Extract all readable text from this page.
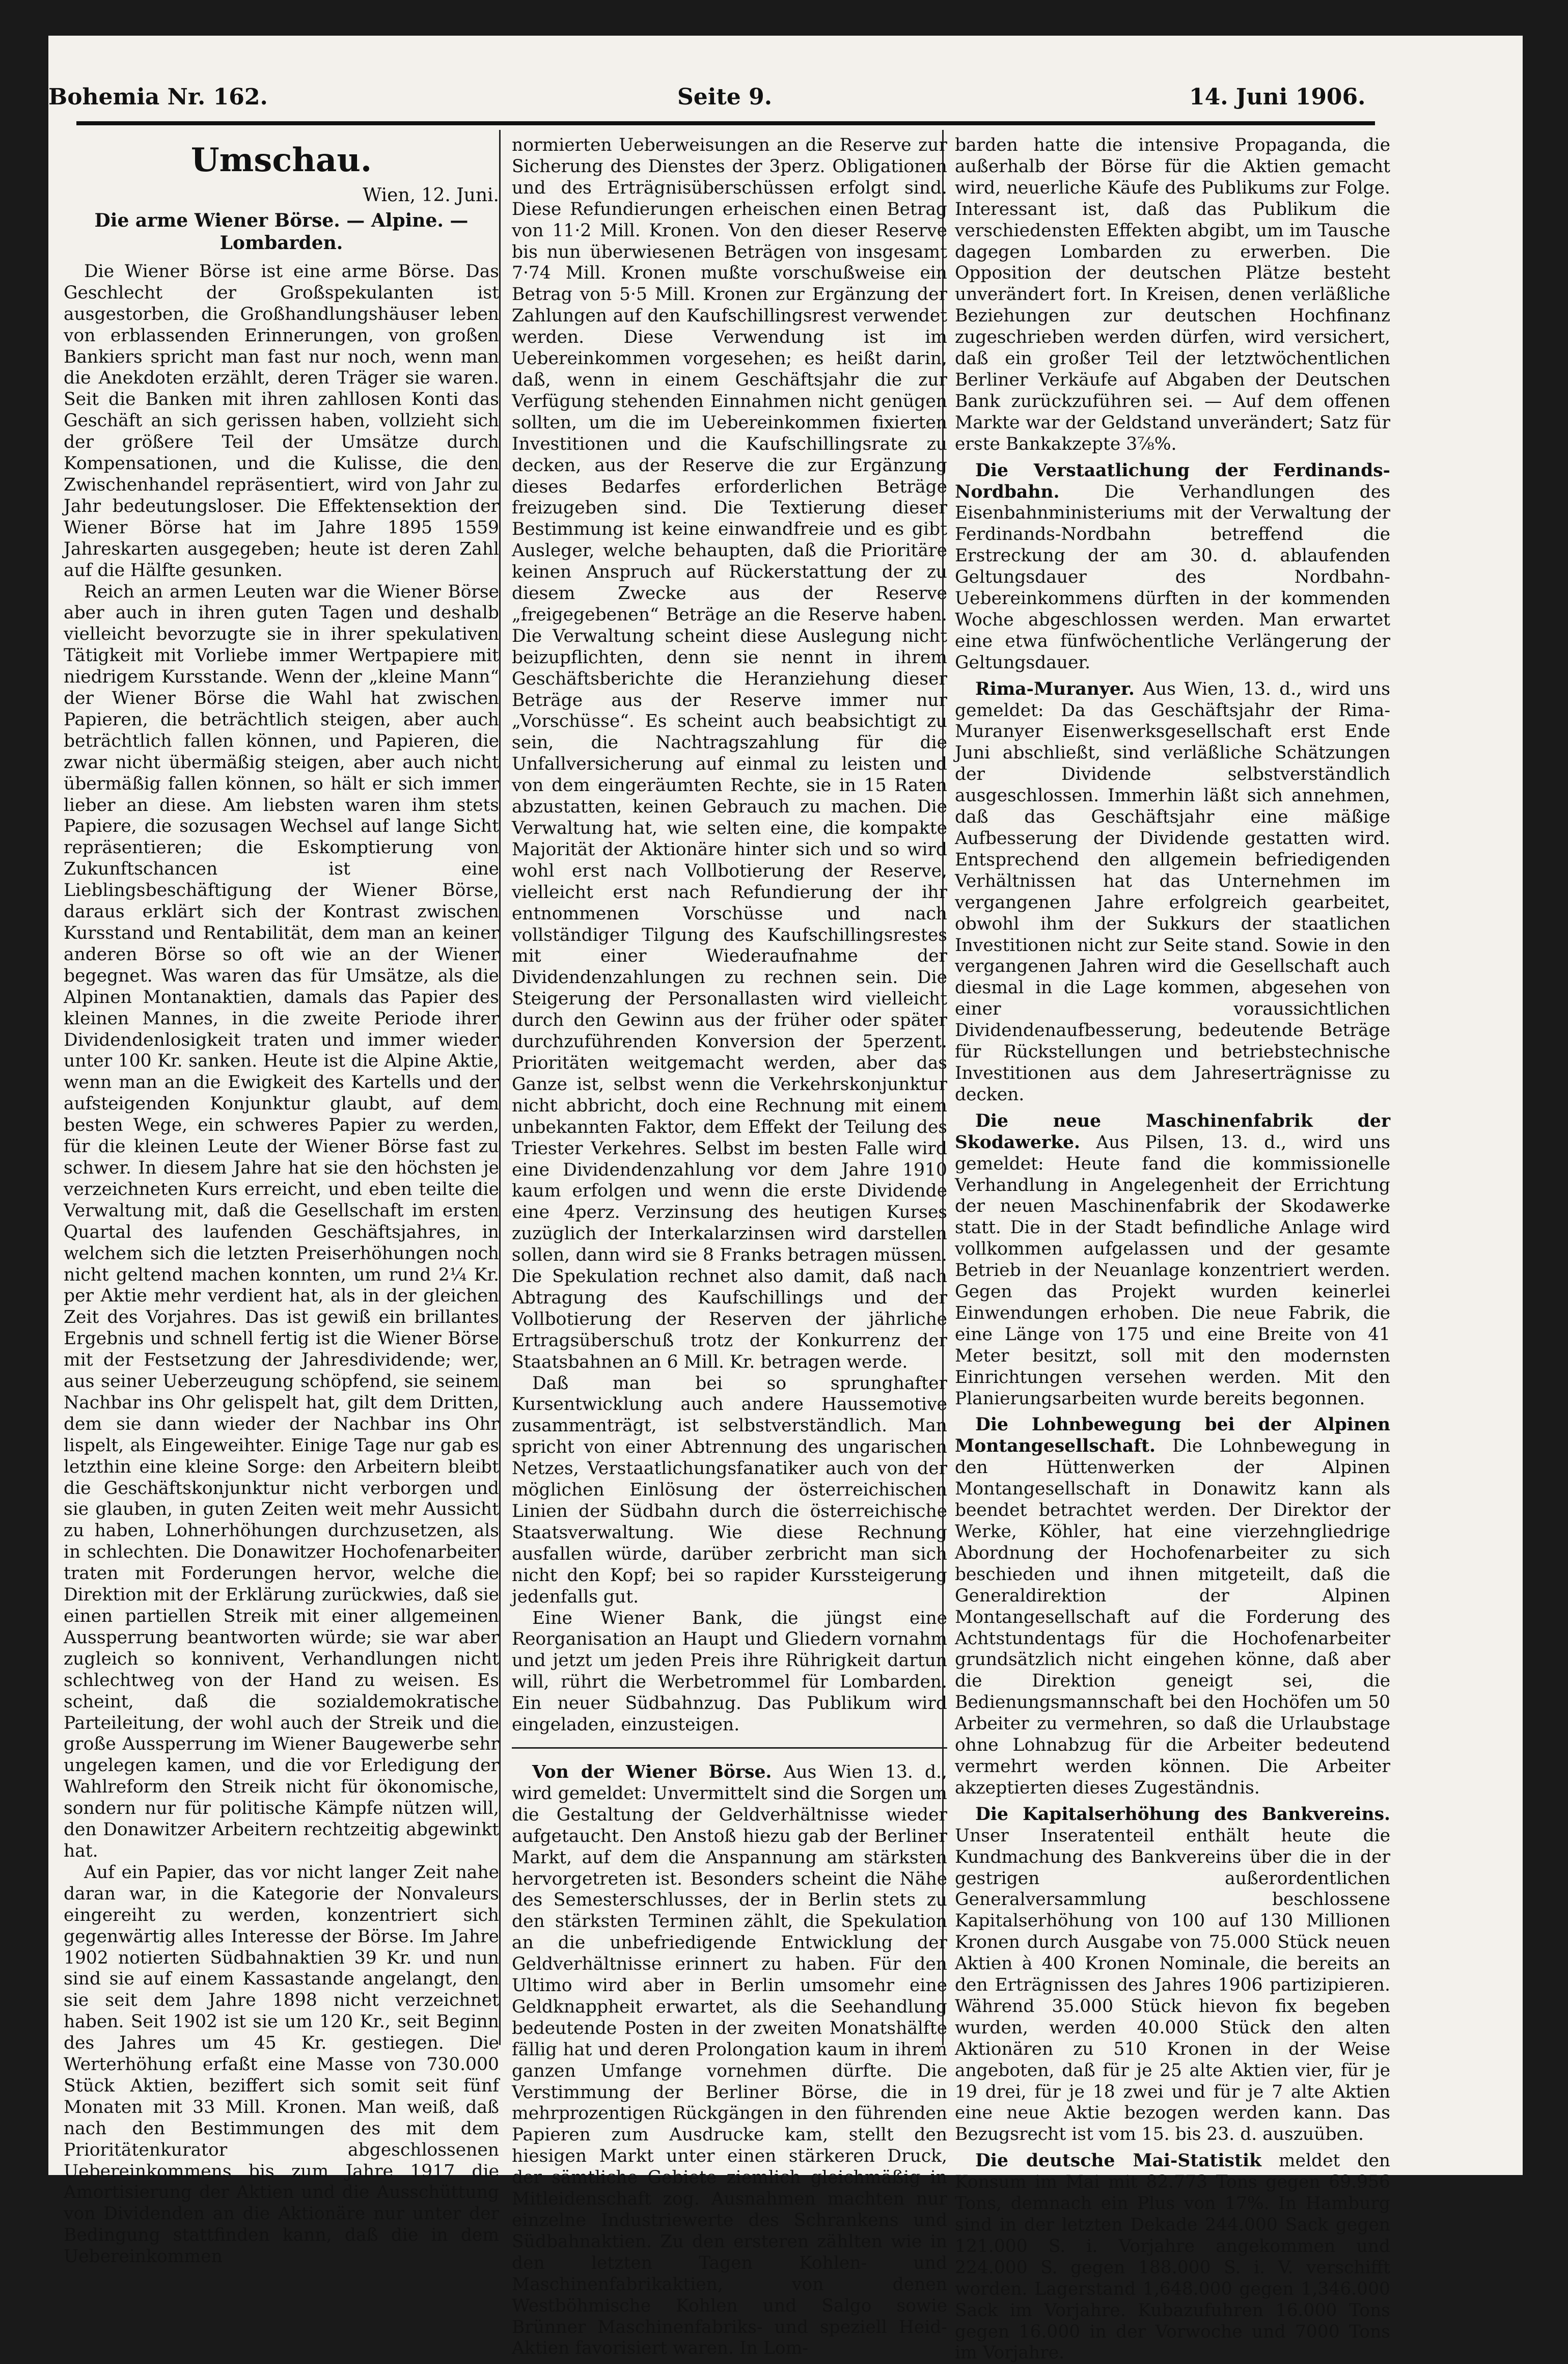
Bohemia Nr. 162.	Seite 9.	14. Juni 1906.
Umschau.
Wien, 12. Juni.
Die arme Wiener Börse. — Alpine. — Lombarden.

Die Wiener Börse ist eine arme Börse. Das Geschlecht der Großspekulanten ist ausgestorben, die Großhandlungshäuser leben von erblassenden Erinnerungen, von großen Bankiers spricht man fast nur noch, wenn man die Anekdoten erzählt, deren Träger sie waren. Seit die Banken mit ihren zahllosen Konti das Geschäft an sich gerissen haben, vollzieht sich der größere Teil der Umsätze durch Kompensationen, und die Kulisse, die den Zwischenhandel repräsentiert, wird von Jahr zu Jahr bedeutungsloser. Die Effektensektion der Wiener Börse hat im Jahre 1895 1559 Jahreskarten ausgegeben; heute ist deren Zahl auf die Hälfte gesunken.

Reich an armen Leuten war die Wiener Börse aber auch in ihren guten Tagen und deshalb vielleicht bevorzugte sie in ihrer spekulativen Tätigkeit mit Vorliebe immer Wertpapiere mit niedrigem Kursstande. Wenn der „kleine Mann“ der Wiener Börse die Wahl hat zwischen Papieren, die beträchtlich steigen, aber auch beträchtlich fallen können, und Papieren, die zwar nicht übermäßig steigen, aber auch nicht übermäßig fallen können, so hält er sich immer lieber an diese. Am liebsten waren ihm stets Papiere, die sozusagen Wechsel auf lange Sicht repräsentieren; die Eskomptierung von Zukunftschancen ist eine Lieblingsbeschäftigung der Wiener Börse, daraus erklärt sich der Kontrast zwischen Kursstand und Rentabilität, dem man an keiner anderen Börse so oft wie an der Wiener begegnet. Was waren das für Umsätze, als die Alpinen Montanaktien, damals das Papier des kleinen Mannes, in die zweite Periode ihrer Dividendenlosigkeit traten und immer wieder unter 100 Kr. sanken. Heute ist die Alpine Aktie, wenn man an die Ewigkeit des Kartells und der aufsteigenden Konjunktur glaubt, auf dem besten Wege, ein schweres Papier zu werden, für die kleinen Leute der Wiener Börse fast zu schwer. In diesem Jahre hat sie den höchsten je verzeichneten Kurs erreicht, und eben teilte die Verwaltung mit, daß die Gesellschaft im ersten Quartal des laufenden Geschäftsjahres, in welchem sich die letzten Preiserhöhungen noch nicht geltend machen konnten, um rund 2¼ Kr. per Aktie mehr verdient hat, als in der gleichen Zeit des Vorjahres. Das ist gewiß ein brillantes Ergebnis und schnell fertig ist die Wiener Börse mit der Festsetzung der Jahresdividende; wer, aus seiner Ueberzeugung schöpfend, sie seinem Nachbar ins Ohr gelispelt hat, gilt dem Dritten, dem sie dann wieder der Nachbar ins Ohr lispelt, als Eingeweihter. Einige Tage nur gab es letzthin eine kleine Sorge: den Arbeitern bleibt die Geschäftskonjunktur nicht verborgen und sie glauben, in guten Zeiten weit mehr Aussicht zu haben, Lohnerhöhungen durchzusetzen, als in schlechten. Die Donawitzer Hochofenarbeiter traten mit Forderungen hervor, welche die Direktion mit der Erklärung zurückwies, daß sie einen partiellen Streik mit einer allgemeinen Aussperrung beantworten würde; sie war aber zugleich so konnivent, Verhandlungen nicht schlechtweg von der Hand zu weisen. Es scheint, daß die sozialdemokratische Parteileitung, der wohl auch der Streik und die große Aussperrung im Wiener Baugewerbe sehr ungelegen kamen, und die vor Erledigung der Wahlreform den Streik nicht für ökonomische, sondern nur für politische Kämpfe nützen will, den Donawitzer Arbeitern rechtzeitig abgewinkt hat.

Auf ein Papier, das vor nicht langer Zeit nahe daran war, in die Kategorie der Nonvaleurs eingereiht zu werden, konzentriert sich gegenwärtig alles Interesse der Börse. Im Jahre 1902 notierten Südbahnaktien 39 Kr. und nun sind sie auf einem Kassastande angelangt, den sie seit dem Jahre 1898 nicht verzeichnet haben. Seit 1902 ist sie um 120 Kr., seit Beginn des Jahres um 45 Kr. gestiegen. Die Werterhöhung erfaßt eine Masse von 730.000 Stück Aktien, beziffert sich somit seit fünf Monaten mit 33 Mill. Kronen. Man weiß, daß nach den Bestimmungen des mit dem Prioritätenkurator abgeschlossenen Uebereinkommens bis zum Jahre 1917 die Amortisierung der Aktien und die Ausschüttung von Dividenden an die Aktionäre nur unter der Bedingung stattfinden kann, daß die in dem Uebereinkommen

normierten Ueberweisungen an die Reserve zur Sicherung des Dienstes der 3perz. Obligationen und des Erträgnisüberschüssen erfolgt sind. Diese Refundierungen erheischen einen Betrag von 11·2 Mill. Kronen. Von den dieser Reserve bis nun überwiesenen Beträgen von insgesamt 7·74 Mill. Kronen mußte vorschußweise ein Betrag von 5·5 Mill. Kronen zur Ergänzung der Zahlungen auf den Kaufschillingsrest verwendet werden. Diese Verwendung ist im Uebereinkommen vorgesehen; es heißt darin, daß, wenn in einem Geschäftsjahr die zur Verfügung stehenden Einnahmen nicht genügen sollten, um die im Uebereinkommen fixierten Investitionen und die Kaufschillingsrate zu decken, aus der Reserve die zur Ergänzung dieses Bedarfes erforderlichen Beträge freizugeben sind. Die Textierung dieser Bestimmung ist keine einwandfreie und es gibt Ausleger, welche behaupten, daß die Prioritäre keinen Anspruch auf Rückerstattung der zu diesem Zwecke aus der Reserve „freigegebenen“ Beträge an die Reserve haben. Die Verwaltung scheint diese Auslegung nicht beizupflichten, denn sie nennt in ihrem Geschäftsberichte die Heranziehung dieser Beträge aus der Reserve immer nur „Vorschüsse“. Es scheint auch beabsichtigt zu sein, die Nachtragszahlung für die Unfallversicherung auf einmal zu leisten und von dem eingeräumten Rechte, sie in 15 Raten abzustatten, keinen Gebrauch zu machen. Die Verwaltung hat, wie selten eine, die kompakte Majorität der Aktionäre hinter sich und so wird wohl erst nach Vollbotierung der Reserve, vielleicht erst nach Refundierung der ihr entnommenen Vorschüsse und nach vollständiger Tilgung des Kaufschillingsrestes mit einer Wiederaufnahme der Dividendenzahlungen zu rechnen sein. Die Steigerung der Personallasten wird vielleicht durch den Gewinn aus der früher oder später durchzuführenden Konversion der 5perzent. Prioritäten weitgemacht werden, aber das Ganze ist, selbst wenn die Verkehrskonjunktur nicht abbricht, doch eine Rechnung mit einem unbekannten Faktor, dem Effekt der Teilung des Triester Verkehres. Selbst im besten Falle wird eine Dividendenzahlung vor dem Jahre 1910 kaum erfolgen und wenn die erste Dividende eine 4perz. Verzinsung des heutigen Kurses zuzüglich der Interkalarzinsen wird darstellen sollen, dann wird sie 8 Franks betragen müssen. Die Spekulation rechnet also damit, daß nach Abtragung des Kaufschillings und der Vollbotierung der Reserven der jährliche Ertragsüberschuß trotz der Konkurrenz der Staatsbahnen an 6 Mill. Kr. betragen werde.

Daß man bei so sprunghafter Kursentwicklung auch andere Haussemotive zusammenträgt, ist selbstverständlich. Man spricht von einer Abtrennung des ungarischen Netzes, Verstaatlichungsfanatiker auch von der möglichen Einlösung der österreichischen Linien der Südbahn durch die österreichische Staatsverwaltung. Wie diese Rechnung ausfallen würde, darüber zerbricht man sich nicht den Kopf; bei so rapider Kurssteigerung jedenfalls gut.

Eine Wiener Bank, die jüngst eine Reorganisation an Haupt und Gliedern vornahm und jetzt um jeden Preis ihre Rührigkeit dartun will, rührt die Werbetrommel für Lombarden. Ein neuer Südbahnzug. Das Publikum wird eingeladen, einzusteigen.

Von der Wiener Börse. Aus Wien 13. d., wird gemeldet: Unvermittelt sind die Sorgen um die Gestaltung der Geldverhältnisse wieder aufgetaucht. Den Anstoß hiezu gab der Berliner Markt, auf dem die Anspannung am stärksten hervorgetreten ist. Besonders scheint die Nähe des Semesterschlusses, der in Berlin stets zu den stärksten Terminen zählt, die Spekulation an die unbefriedigende Entwicklung der Geldverhältnisse erinnert zu haben. Für den Ultimo wird aber in Berlin umsomehr eine Geldknappheit erwartet, als die Seehandlung bedeutende Posten in der zweiten Monatshälfte fällig hat und deren Prolongation kaum in ihrem ganzen Umfange vornehmen dürfte. Die Verstimmung der Berliner Börse, die in mehrprozentigen Rückgängen in den führenden Papieren zum Ausdrucke kam, stellt den hiesigen Markt unter einen stärkeren Druck, der sämtliche Gebiete ziemlich gleichmäßig in Mitleidenschaft zog. Ausnahmen machten nur einzelne Industriewerte des Schrankens und Südbahnaktien. Zu den ersteren zählten wie in den letzten Tagen Kohlen- und Maschinenfabrikaktien, von denen Westböhmische Kohlen und Salgo sowie Brünner Maschinenfabriks- und speziell Heid-Aktien favorisiert waren. In Lom-

barden hatte die intensive Propaganda, die außerhalb der Börse für die Aktien gemacht wird, neuerliche Käufe des Publikums zur Folge. Interessant ist, daß das Publikum die verschiedensten Effekten abgibt, um im Tausche dagegen Lombarden zu erwerben. Die Opposition der deutschen Plätze besteht unverändert fort. In Kreisen, denen verläßliche Beziehungen zur deutschen Hochfinanz zugeschrieben werden dürfen, wird versichert, daß ein großer Teil der letztwöchentlichen Berliner Verkäufe auf Abgaben der Deutschen Bank zurückzuführen sei. — Auf dem offenen Markte war der Geldstand unverändert; Satz für erste Bankakzepte 3⅞%.

Die Verstaatlichung der Ferdinands-Nordbahn.	Die Verhandlungen des Eisenbahnministeriums mit der Verwaltung der Ferdinands-Nordbahn betreffend die Erstreckung der am 30. d. ablaufenden Geltungsdauer des Nordbahn-Uebereinkommens dürften in der kommenden Woche abgeschlossen werden. Man erwartet eine etwa fünfwöchentliche Verlängerung der Geltungsdauer.

Rima-Muranyer. Aus Wien, 13. d., wird uns gemeldet: Da das Geschäftsjahr der Rima-Muranyer Eisenwerksgesellschaft erst Ende Juni abschließt, sind verläßliche Schätzungen der Dividende selbstverständlich ausgeschlossen. Immerhin läßt sich annehmen, daß das Geschäftsjahr eine mäßige Aufbesserung der Dividende gestatten wird. Entsprechend den allgemein befriedigenden Verhältnissen hat das Unternehmen im vergangenen Jahre erfolgreich gearbeitet, obwohl ihm der Sukkurs der staatlichen Investitionen nicht zur Seite stand. Sowie in den vergangenen Jahren wird die Gesellschaft auch diesmal in die Lage kommen, abgesehen von einer voraussichtlichen Dividendenaufbesserung, bedeutende Beträge für Rückstellungen und betriebstechnische Investitionen aus dem Jahreserträgnisse zu decken.

Die neue Maschinenfabrik der Skodawerke. Aus Pilsen, 13. d., wird uns gemeldet: Heute fand die kommissionelle Verhandlung in Angelegenheit der Errichtung der neuen Maschinenfabrik der Skodawerke statt. Die in der Stadt befindliche Anlage wird vollkommen aufgelassen und der gesamte Betrieb in der Neuanlage konzentriert werden. Gegen das Projekt wurden keinerlei Einwendungen erhoben. Die neue Fabrik, die eine Länge von 175 und eine Breite von 41 Meter besitzt, soll mit den modernsten Einrichtungen versehen werden. Mit den Planierungsarbeiten wurde bereits begonnen.

Die Lohnbewegung bei der Alpinen Montangesellschaft. Die Lohnbewegung in den Hüttenwerken der Alpinen Montangesellschaft in Donawitz kann als beendet betrachtet werden. Der Direktor der Werke, Köhler, hat eine vierzehngliedrige Abordnung der Hochofenarbeiter zu sich beschieden und ihnen mitgeteilt, daß die Generaldirektion der Alpinen Montangesellschaft auf die Forderung des Achtstundentags für die Hochofenarbeiter grundsätzlich nicht eingehen könne, daß aber die Direktion geneigt sei, die Bedienungsmannschaft bei den Hochöfen um 50 Arbeiter zu vermehren, so daß die Urlaubstage ohne Lohnabzug für die Arbeiter bedeutend vermehrt werden können. Die Arbeiter akzeptierten dieses Zugeständnis.

Die Kapitalserhöhung des Bankvereins. Unser Inseratenteil enthält heute die Kundmachung des Bankvereins über die in der gestrigen außerordentlichen Generalversammlung beschlossene Kapitalserhöhung von 100 auf 130 Millionen Kronen durch Ausgabe von 75.000 Stück neuen Aktien à 400 Kronen Nominale, die bereits an den Erträgnissen des Jahres 1906 partizipieren. Während 35.000 Stück hievon fix begeben wurden, werden 40.000 Stück den alten Aktionären zu 510 Kronen in der Weise angeboten, daß für je 25 alte Aktien vier, für je 19 drei, für je 18 zwei und für je 7 alte Aktien eine neue Aktie bezogen werden kann. Das Bezugsrecht ist vom 15. bis 23. d. auszuüben.

Die deutsche Mai-Statistik meldet den Konsum im Mai mit 82.773 Tons gegen 69.956 Tons, demnach ein Plus von 17%. In Hamburg sind in der letzten Dekade 244.000 Sack gegen 121.000 S. i. Vorjahre angekommen und 224.000 S. gegen 188.000 S. i. V. verschifft worden. Lagerstand 1,648.000 gegen 1,346.000 Sack im Vorjahre. Kubazufuhren 16.000 Tons gegen 16.000 in der Vorwoche und 7000 Tons im Vorjahre.
